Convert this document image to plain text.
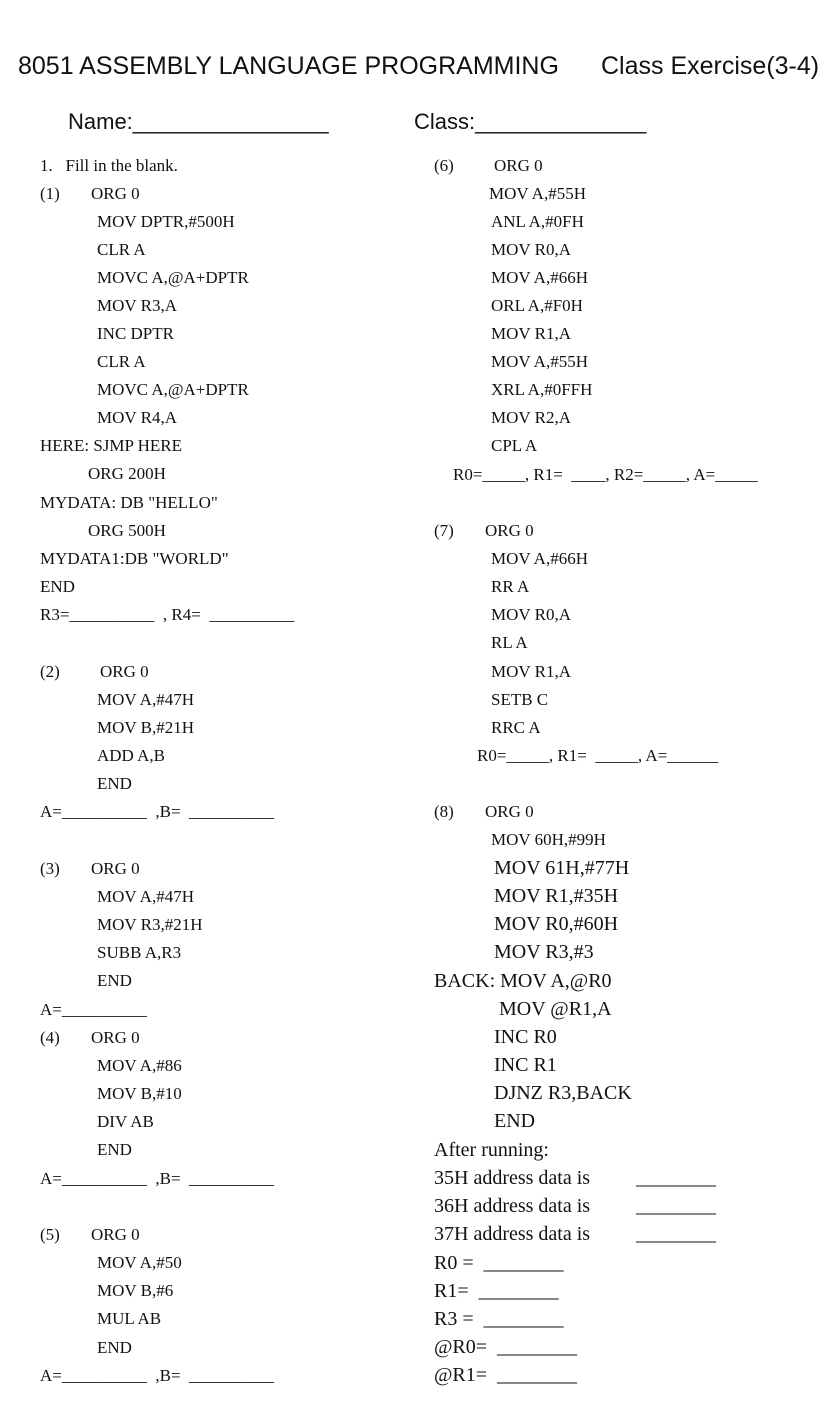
8051 ASSEMBLY LANGUAGE PROGRAMMING Class Exercise(3-4)
Name:________________	Class:______________
1.   Fill in the blank.
(1) ORG 0
MOV DPTR,#500H
CLR A
MOVC A,@A+DPTR
MOV R3,A
INC DPTR
CLR A
MOVC A,@A+DPTR
MOV R4,A
HERE: SJMP HERE
ORG 200H
MYDATA: DB "HELLO"
ORG 500H
MYDATA1:DB "WORLD"
END
R3=__________  , R4=  __________
(2) ORG 0
MOV A,#47H
MOV B,#21H
ADD A,B
END
A=__________  ,B=  __________
(3) ORG 0
MOV A,#47H
MOV R3,#21H
SUBB A,R3
END
A=__________
(4) ORG 0
MOV A,#86
MOV B,#10
DIV AB
END
A=__________  ,B=  __________
(5) ORG 0
MOV A,#50
MOV B,#6
MUL AB
END
A=__________  ,B=  __________
(6) ORG 0
MOV A,#55H
ANL A,#0FH
MOV R0,A
MOV A,#66H
ORL A,#F0H
MOV R1,A
MOV A,#55H
XRL A,#0FFH
MOV R2,A
CPL A
R0=_____, R1=  ____, R2=_____, A=_____
(7) ORG 0
MOV A,#66H
RR A
MOV R0,A
RL A
MOV R1,A
SETB C
RRC A
R0=_____, R1=  _____, A=______
(8) ORG 0
MOV 60H,#99H
MOV 61H,#77H
MOV R1,#35H
MOV R0,#60H
MOV R3,#3
BACK: MOV A,@R0
MOV @R1,A
INC R0
INC R1
DJNZ R3,BACK
END
After running:
35H address data is ________
36H address data is ________
37H address data is ________
R0 =  ________
R1=  ________
R3 =  ________
@R0=  ________
@R1=  ________
